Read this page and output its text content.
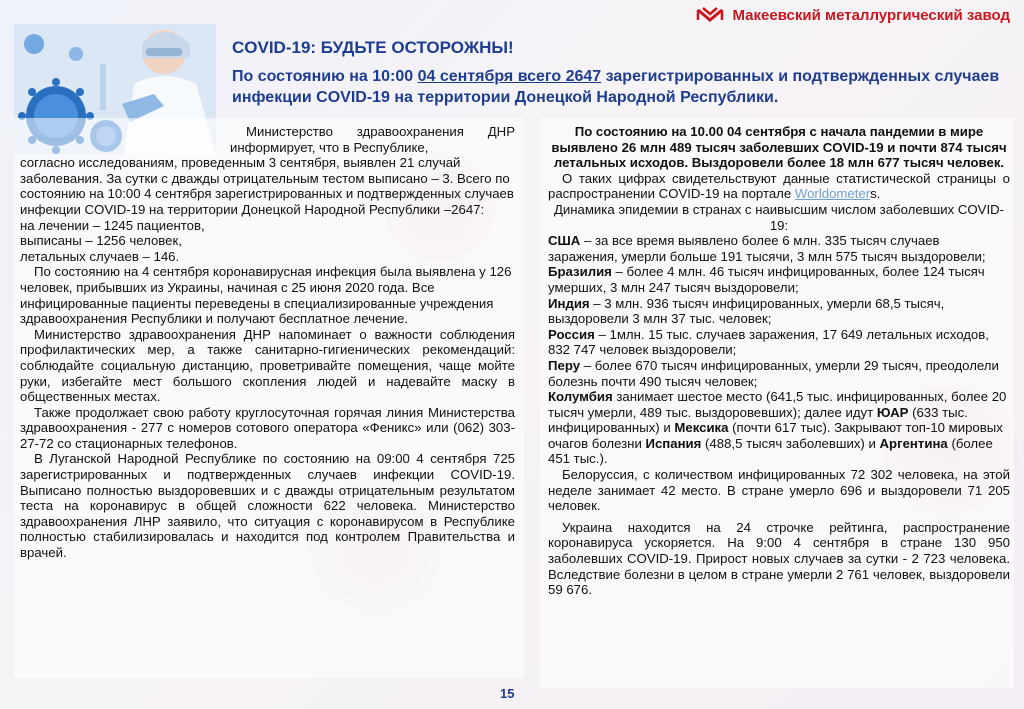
Макеевский металлургический завод
COVID-19: БУДЬТЕ ОСТОРОЖНЫ!
По состоянию на 10:00 04 сентября всего 2647 зарегистрированных и подтвержденных случаев инфекции COVID-19 на территории Донецкой Народной Республики.

Министерство здравоохранения ДНР информирует, что в Республике,

согласно исследованиям, проведенным 3 сентября, выявлен 21 случай заболевания. За сутки с дважды отрицательным тестом выписано – 3. Всего по состоянию на 10:00 4 сентября зарегистрированных и подтвержденных случаев инфекции COVID-19 на территории Донецкой Народной Республики –2647:

на лечении – 1245 пациентов,

выписаны – 1256 человек,

летальных случаев – 146.

По состоянию на 4 сентября коронавирусная инфекция была выявлена у 126 человек, прибывших из Украины, начиная с 25 июня 2020 года. Все инфицированные пациенты переведены в специализированные учреждения здравоохранения Республики и получают бесплатное лечение.

Министерство здравоохранения ДНР напоминает о важности соблюдения профилактических мер, а также санитарно-гигиенических рекомендаций: соблюдайте социальную дистанцию, проветривайте помещения, чаще мойте руки, избегайте мест большого скопления людей и надевайте маску в общественных местах.

Также продолжает свою работу круглосуточная горячая линия Министерства здравоохранения - 277 с номеров сотового оператора «Феникс» или (062) 303-27-72 со стационарных телефонов.

В Луганской Народной Республике по состоянию на 09:00 4 сентября 725 зарегистрированных и подтвержденных случаев инфекции COVID-19. Выписано полностью выздоровевших и с дважды отрицательным результатом теста на коронавирус в общей сложности 622 человека. Министерство здравоохранения ЛНР заявило, что ситуация с коронавирусом в Республике полностью стабилизировалась и находится под контролем Правительства и врачей.

По состоянию на 10.00 04 сентября с начала пандемии в мире выявлено 26 млн 489 тысяч заболевших COVID-19 и почти 874 тысяч летальных исходов. Выздоровели более 18 млн 677 тысяч человек.

О таких цифрах свидетельствуют данные статистической страницы о распространении COVID-19 на портале Worldometers.

Динамика эпидемии в странах с наивысшим числом заболевших COVID-19:

США – за все время выявлено более 6 млн. 335 тысяч случаев заражения, умерли больше 191 тысячи, 3 млн 575 тысяч выздоровели;

Бразилия – более 4 млн. 46 тысяч инфицированных, более 124 тысяч умерших, 3 млн 247 тысяч выздоровели;

Индия – 3 млн. 936 тысяч инфицированных, умерли 68,5 тысяч, выздоровели 3 млн 37 тыс. человек;

Россия – 1млн. 15 тыс. случаев заражения, 17 649 летальных исходов, 832 747 человек выздоровели;

Перу – более 670 тысяч инфицированных, умерли 29 тысяч, преодолели болезнь почти 490 тысяч человек;

Колумбия занимает шестое место (641,5 тыс. инфицированных, более 20 тысяч умерли, 489 тыс. выздоровевших); далее идут ЮАР (633 тыс. инфицированных) и Мексика (почти 617 тыс). Закрывают топ-10 мировых очагов болезни Испания (488,5 тысяч заболевших) и Аргентина (более 451 тыс.).

Белоруссия, с количеством инфицированных 72 302 человека, на этой неделе занимает 42 место. В стране умерло 696 и выздоровели 71 205 человек.

Украина находится на 24 строчке рейтинга, распространение коронавируса ускоряется. На 9:00 4 сентября в стране 130 950 заболевших COVID-19. Прирост новых случаев за сутки - 2 723 человека. Вследствие болезни в целом в стране умерли 2 761 человек, выздоровели 59 676.

15
